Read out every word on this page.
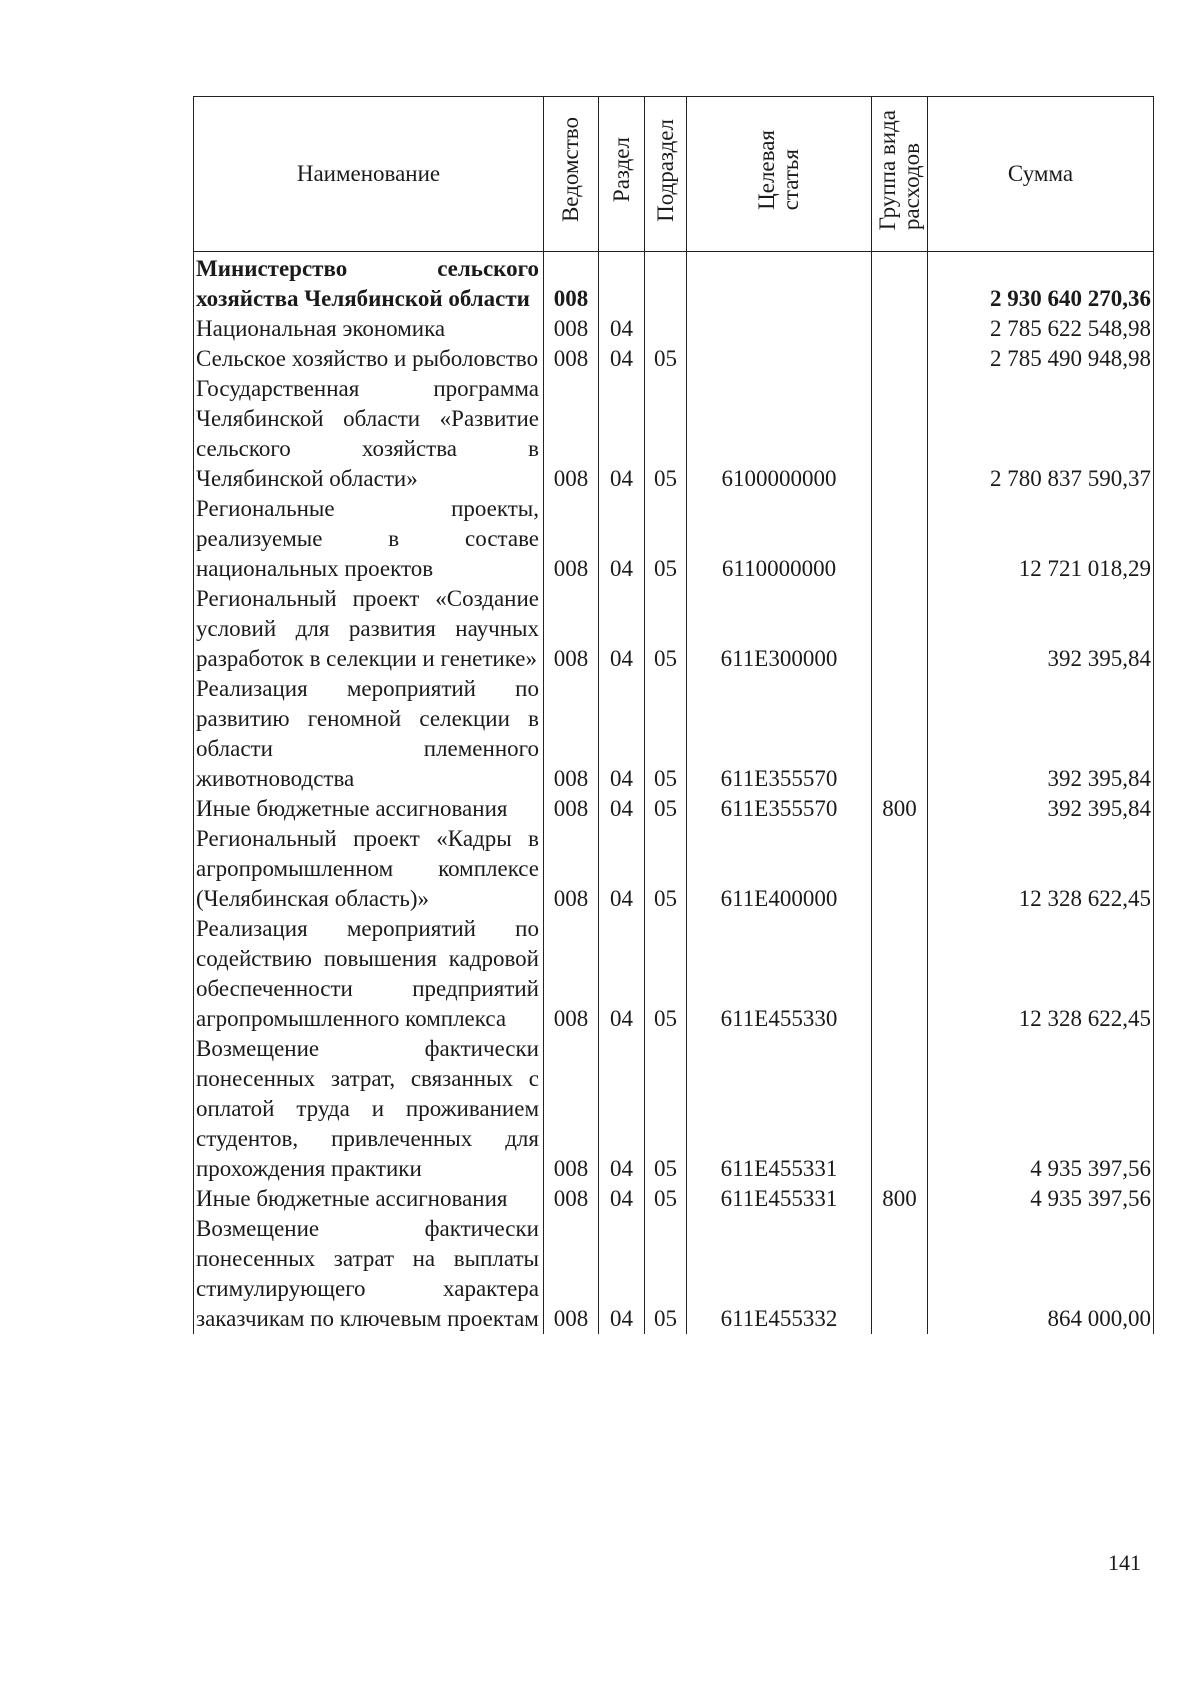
Наименование	Ведомство	Раздел	Подраздел	Целеваястатья	Группа видарасходов	Сумма
Министерство сельского хозяйства Челябинской области	008					2 930 640 270,36
Национальная экономика	008	04				2 785 622 548,98
Сельское хозяйство и рыболовство	008	04	05			2 785 490 948,98
Государственная программа Челябинской области «Развитие сельского хозяйства в Челябинской области»	008	04	05	6100000000		2 780 837 590,37
Региональные проекты, реализуемые в составе национальных проектов	008	04	05	6110000000		12 721 018,29
Региональный проект «Создание условий для развития научных разработок в селекции и генетике»	008	04	05	611E300000		392 395,84
Реализация мероприятий по развитию геномной селекции в области племенного животноводства	008	04	05	611E355570		392 395,84
Иные бюджетные ассигнования	008	04	05	611E355570	800	392 395,84
Региональный проект «Кадры в агропромышленном комплексе (Челябинская область)»	008	04	05	611E400000		12 328 622,45
Реализация мероприятий по содействию повышения кадровой обеспеченности предприятий агропромышленного комплекса	008	04	05	611E455330		12 328 622,45
Возмещение фактически понесенных затрат, связанных с оплатой труда и проживанием студентов, привлеченных для прохождения практики	008	04	05	611E455331		4 935 397,56
Иные бюджетные ассигнования	008	04	05	611E455331	800	4 935 397,56
Возмещение фактически понесенных затрат на выплаты стимулирующего характера заказчикам по ключевым проектам	008	04	05	611E455332		864 000,00
141
